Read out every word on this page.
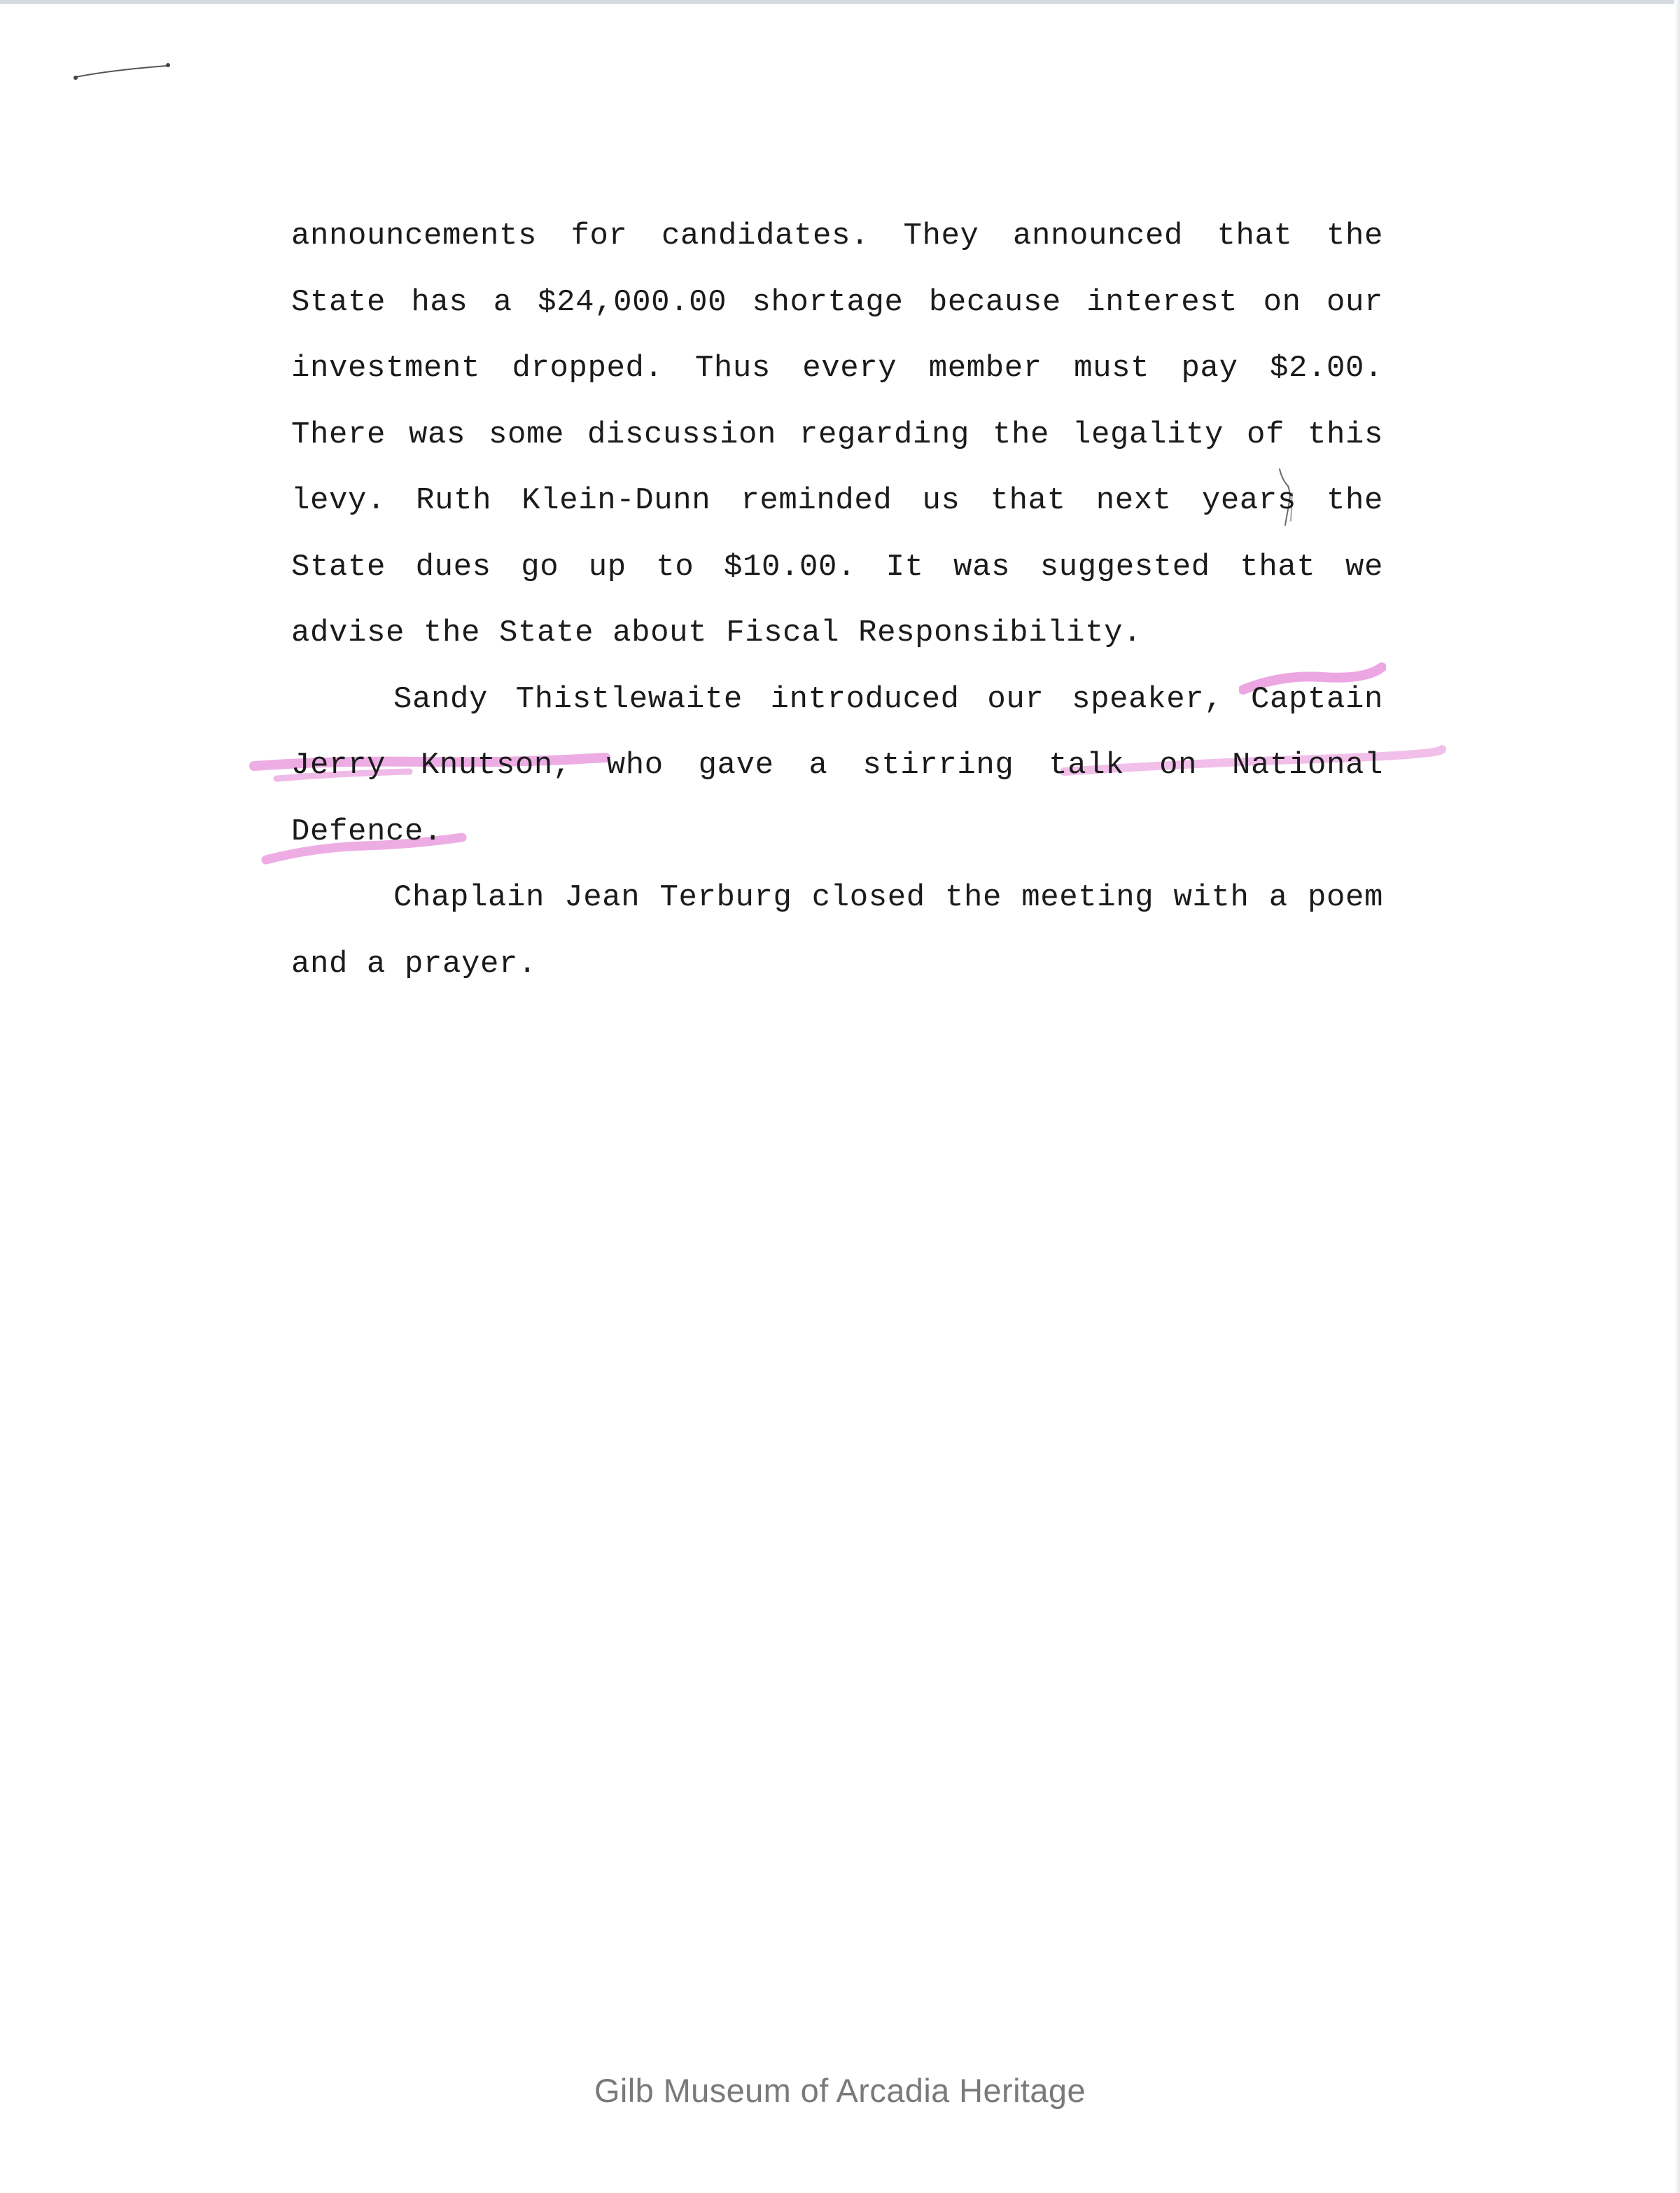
announcements for candidates. They announced that the State has a $24,000.00 shortage because interest on our investment dropped. Thus every member must pay $2.00. There was some discussion regarding the legality of this levy. Ruth Klein-Dunn reminded us that next years the State dues go up to $10.00. It was suggested that we advise the State about Fiscal Responsibility.

Sandy Thistlewaite introduced our speaker, Captain Jerry Knutson, who gave a stirring talk on National Defence.

Chaplain Jean Terburg closed the meeting with a poem and a prayer.

Gilb Museum of Arcadia Heritage
